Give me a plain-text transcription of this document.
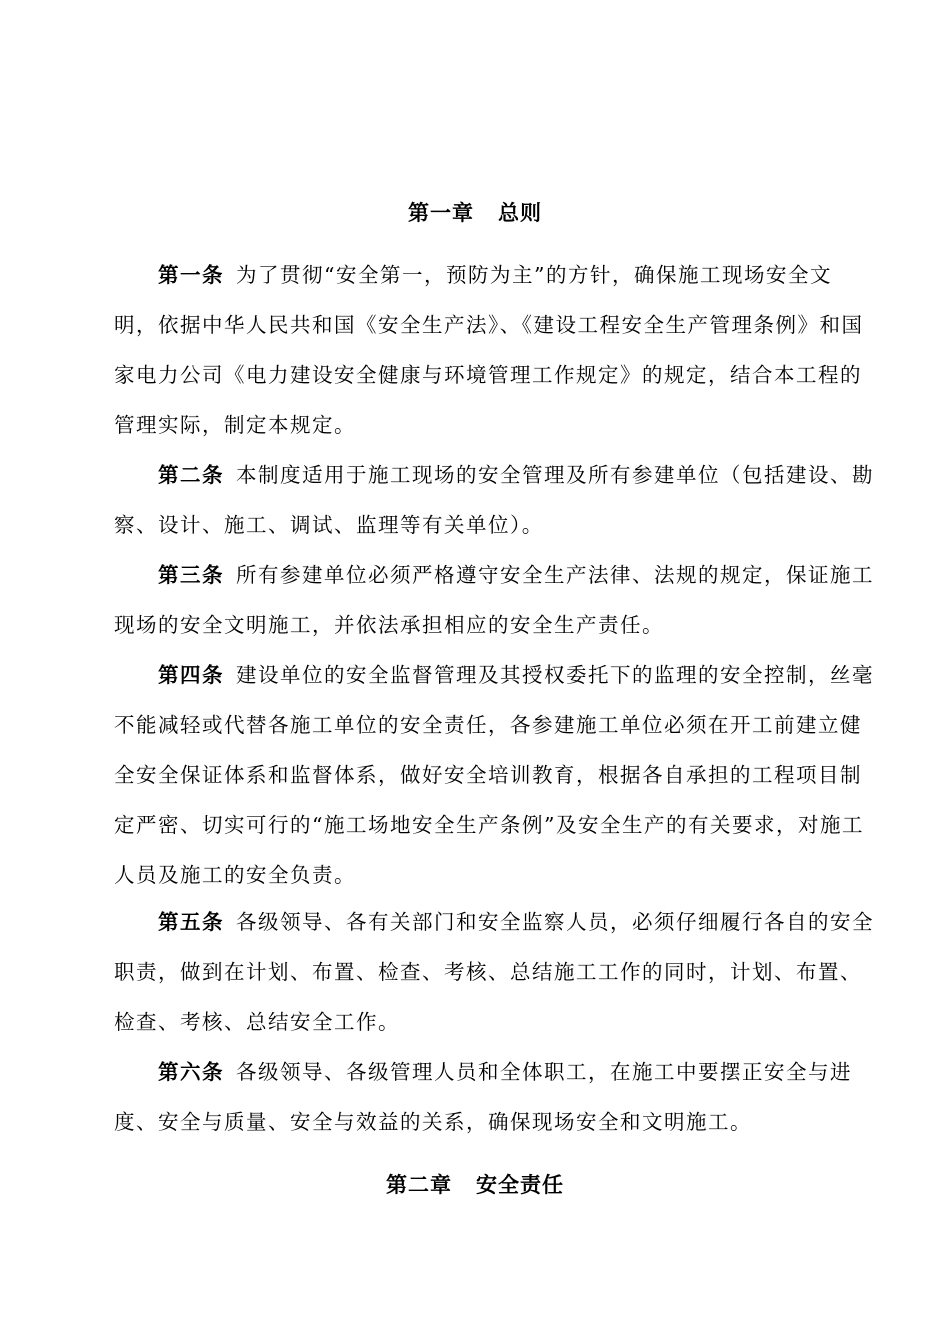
第一章 总则

第一条 为了贯彻“安全第一，预防为主”的方针，确保施工现场安全文明，依据中华人民共和国《安全生产法》、《建设工程安全生产管理条例》和国家电力公司《电力建设安全健康与环境管理工作规定》的规定，结合本工程的管理实际，制定本规定。

第二条 本制度适用于施工现场的安全管理及所有参建单位（包括建设、勘察、设计、施工、调试、监理等有关单位）。

第三条 所有参建单位必须严格遵守安全生产法律、法规的规定，保证施工现场的安全文明施工，并依法承担相应的安全生产责任。

第四条 建设单位的安全监督管理及其授权委托下的监理的安全控制，丝毫不能减轻或代替各施工单位的安全责任，各参建施工单位必须在开工前建立健全安全保证体系和监督体系，做好安全培训教育，根据各自承担的工程项目制定严密、切实可行的“施工场地安全生产条例”及安全生产的有关要求，对施工人员及施工的安全负责。

第五条 各级领导、各有关部门和安全监察人员，必须仔细履行各自的安全职责，做到在计划、布置、检查、考核、总结施工工作的同时，计划、布置、检查、考核、总结安全工作。

第六条 各级领导、各级管理人员和全体职工，在施工中要摆正安全与进度、安全与质量、安全与效益的关系，确保现场安全和文明施工。

第二章 安全责任
